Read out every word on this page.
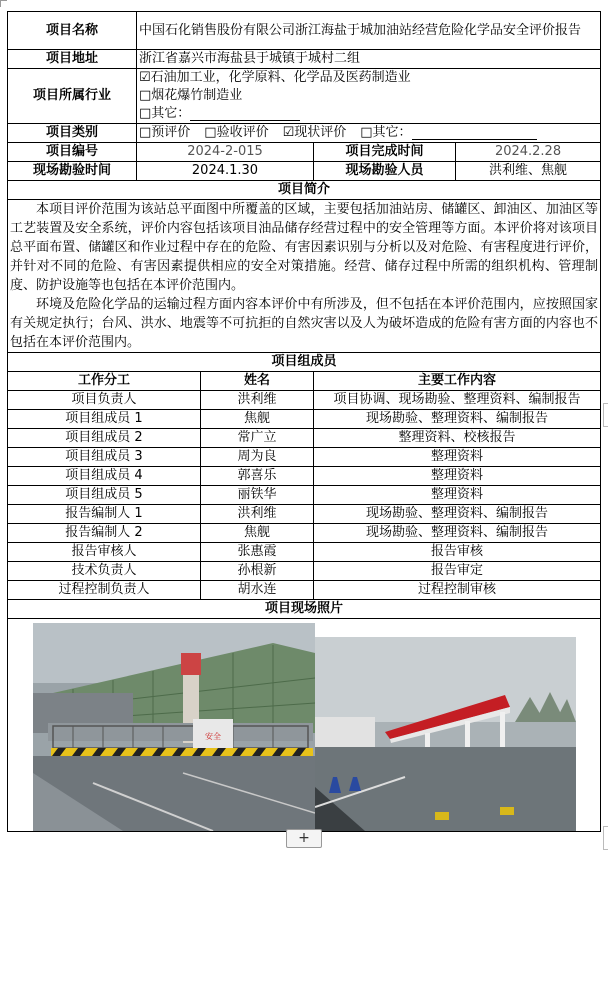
项目名称	中国石化销售股份有限公司浙江海盐于城加油站经营危险化学品安全评价报告			
项目地址	浙江省嘉兴市海盐县于城镇于城村二组			
项目所属行业	☑石油加工业，化学原料、化学品及医药制造业
□烟花爆竹制造业
□其它：			

项目类别	□预评价 □验收评价 ☑现状评价 □其它：			
项目编号	2024-2-015		项目完成时间	2024.2.28
现场勘验时间	2024.1.30		现场勘验人员	洪利维、焦舰
项目简介				

本项目评价范围为该站总平面图中所覆盖的区域，主要包括加油站房、储罐区、卸油区、加油区等工艺装置及安全系统，评价内容包括该项目油品储存经营过程中的安全管理等方面。本评价将对该项目总平面布置、储罐区和作业过程中存在的危险、有害因素识别与分析以及对危险、有害程度进行评价，并针对不同的危险、有害因素提供相应的安全对策措施。经营、储存过程中所需的组织机构、管理制度、防护设施等也包括在本评价范围内。

环境及危险化学品的运输过程方面内容本评价中有所涉及，但不包括在本评价范围内，应按照国家有关规定执行；台风、洪水、地震等不可抗拒的自然灾害以及人为破坏造成的危险有害方面的内容也不包括在本评价范围内。				

项目组成员				
工作分工		姓名	主要工作内容	
项目负责人		洪利维	项目协调、现场勘验、整理资料、编制报告	
项目组成员 1		焦舰	现场勘验、整理资料、编制报告	
项目组成员 2		常广立	整理资料、校核报告	
项目组成员 3		周为良	整理资料	
项目组成员 4		郭喜乐	整理资料	
项目组成员 5		丽铁华	整理资料	
报告编制人 1		洪利维	现场勘验、整理资料、编制报告	
报告编制人 2		焦舰	现场勘验、整理资料、编制报告	
报告审核人		张惠霞	报告审核	
技术负责人		孙根新	报告审定	
过程控制负责人		胡水连	过程控制审核	
项目现场照片				

安全				
+
